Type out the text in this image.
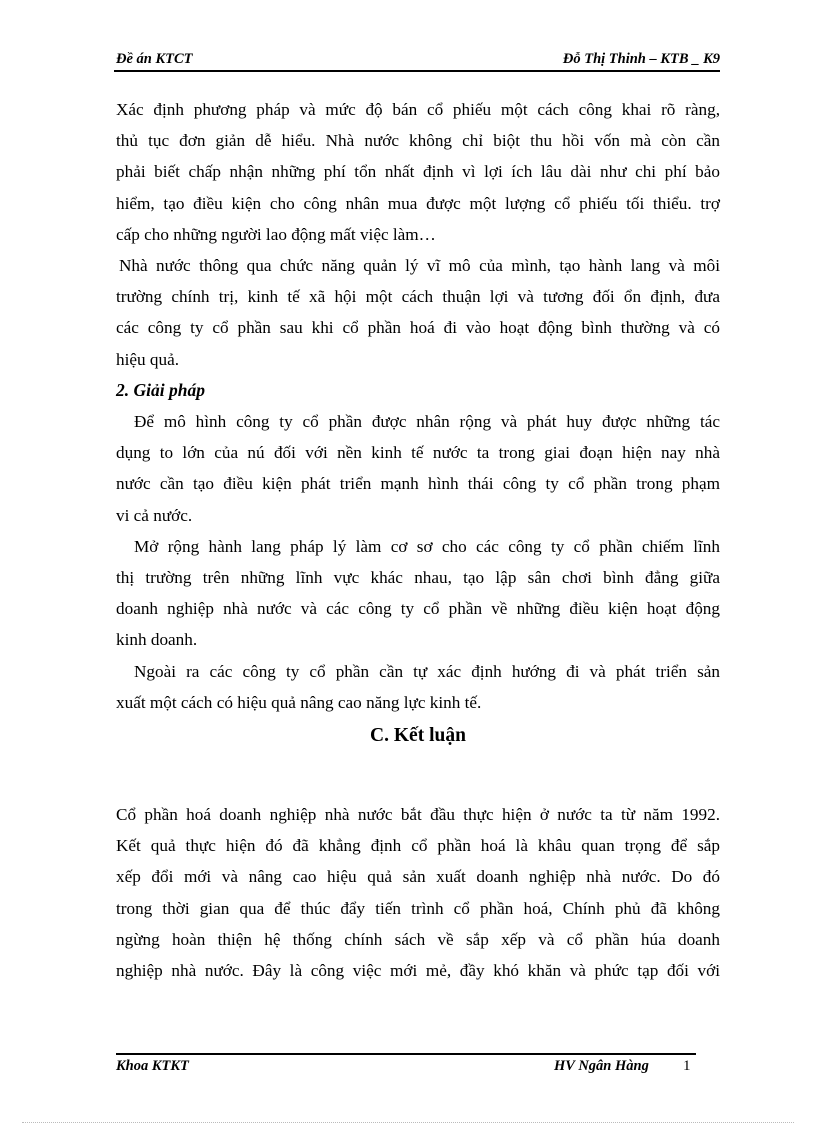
Đề án KTCT	Đỗ Thị Thinh – KTB _ K9

Xác định phương pháp và mức độ bán cổ phiếu một cách công khai rõ ràng,

thủ tục đơn giản dễ hiểu. Nhà nước không chỉ biột thu hồi vốn mà còn cần

phải biết chấp nhận những phí tổn nhất định vì lợi ích lâu dài như chi phí bảo

hiểm, tạo điều kiện cho công nhân mua được một lượng cổ phiếu tối thiểu. trợ

cấp cho những người lao động mất việc làm…

Nhà nước thông qua chức năng quản lý vĩ mô của mình, tạo hành lang và môi

trường chính trị, kinh tế xã hội một cách thuận lợi và tương đối ổn định, đưa

các công ty cổ phần sau khi cổ phần hoá đi vào hoạt động bình thường và có

hiệu quả.

2. Giải pháp

Để mô hình công ty cổ phần được nhân rộng và phát huy được những tác

dụng to lớn của nú đối với nền kinh tế nước ta trong giai đoạn hiện nay nhà

nước cần tạo điều kiện phát triển mạnh hình thái công ty cổ phần trong phạm

vi cả nước.

Mở rộng hành lang pháp lý làm cơ sơ cho các công ty cổ phần chiếm lĩnh

thị trường trên những lĩnh vực khác nhau, tạo lập sân chơi bình đẳng giữa

doanh nghiệp nhà nước và các công ty cổ phần về những điều kiện hoạt động

kinh doanh.

Ngoài ra các công ty cổ phần cần tự xác định hướng đi và phát triển sản

xuất một cách có hiệu quả nâng cao năng lực kinh tế.

C. Kết luận

Cổ phần hoá doanh nghiệp nhà nước bắt đầu thực hiện ở nước ta từ năm 1992.

Kết quả thực hiện đó đã khẳng định cổ phần hoá là khâu quan trọng để sắp

xếp đổi mới và nâng cao hiệu quả sản xuất doanh nghiệp nhà nước. Do đó

trong thời gian qua để thúc đẩy tiến trình cổ phần hoá, Chính phủ đã không

ngừng hoàn thiện hệ thống chính sách về sắp xếp và cổ phần húa doanh

nghiệp nhà nước. Đây là công việc mới mẻ, đầy khó khăn và phức tạp đối với

Khoa KTKT	HV Ngân Hàng 1
